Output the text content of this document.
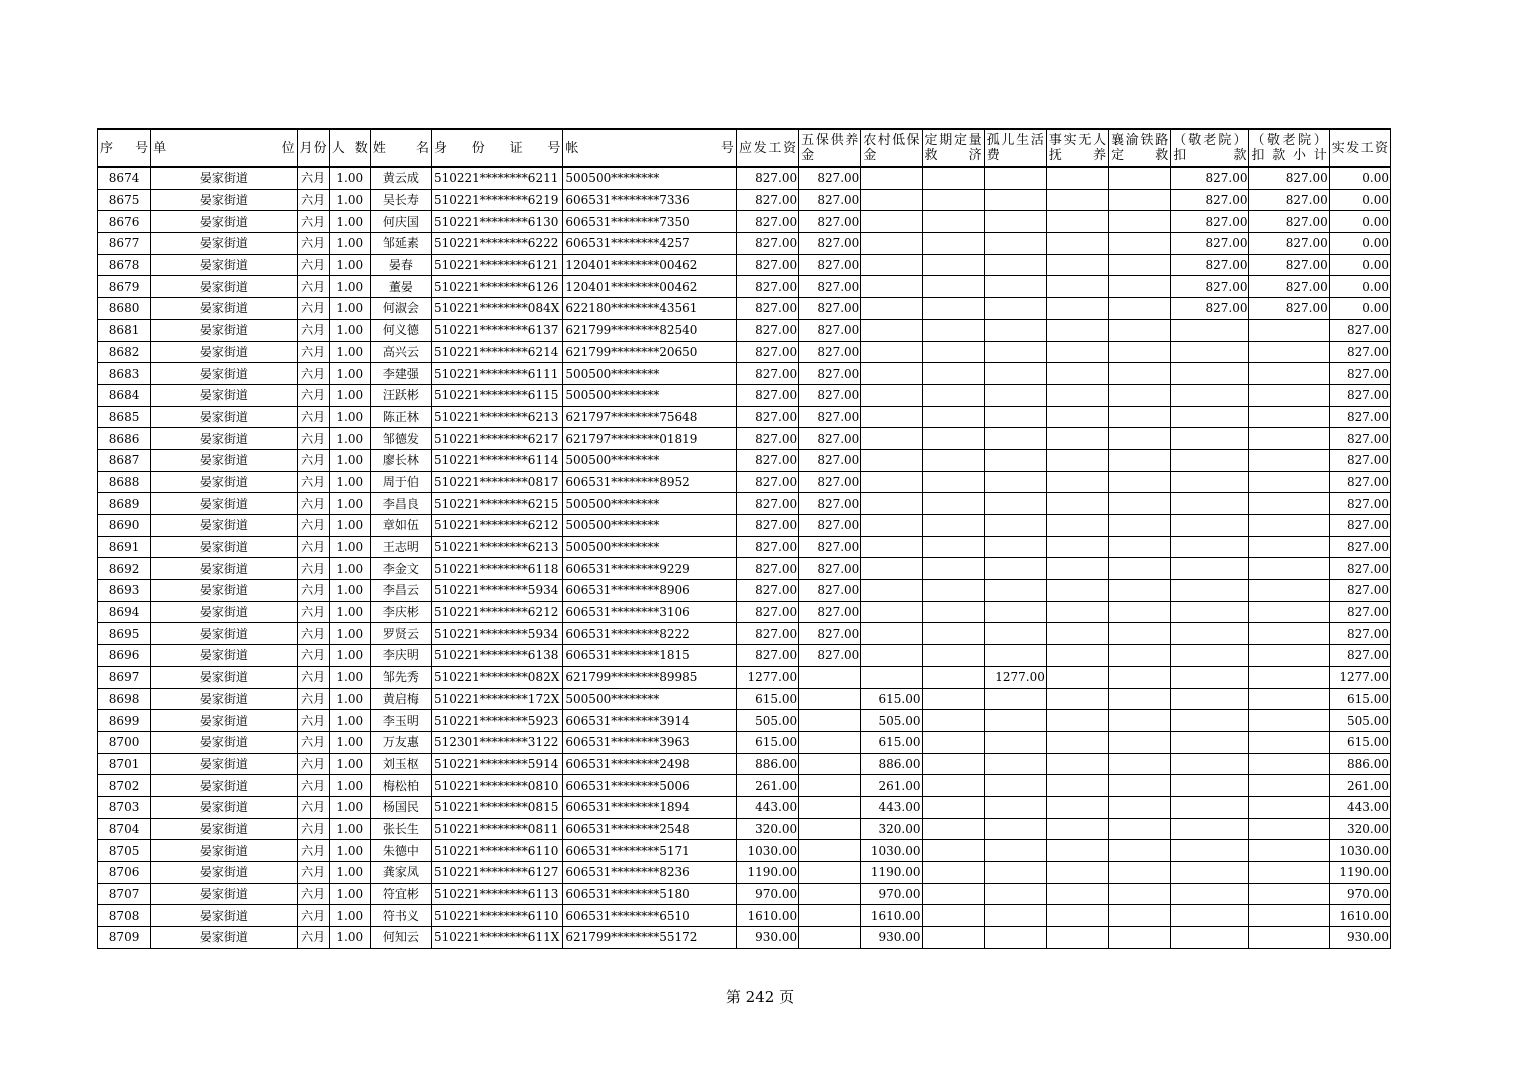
序 号	单 位	月份	人 数	姓 名	身 份 证 号	帐 号	应发工资	五保供养金	农村低保金	定期定量救济	孤儿生活费	事实无人抚养	襄渝铁路定救	（敬老院）扣 款	（敬老院）扣款小计	实发工资

8674	晏家街道	六月	1.00	黄云成	510221********6211	500500********	827.00	827.00						827.00	827.00	0.00
8675	晏家街道	六月	1.00	吴长寿	510221********6219	606531********7336	827.00	827.00						827.00	827.00	0.00
8676	晏家街道	六月	1.00	何庆国	510221********6130	606531********7350	827.00	827.00						827.00	827.00	0.00
8677	晏家街道	六月	1.00	邹延素	510221********6222	606531********4257	827.00	827.00						827.00	827.00	0.00
8678	晏家街道	六月	1.00	晏春	510221********6121	120401********00462	827.00	827.00						827.00	827.00	0.00
8679	晏家街道	六月	1.00	董晏	510221********6126	120401********00462	827.00	827.00						827.00	827.00	0.00
8680	晏家街道	六月	1.00	何淑会	510221********084X	622180********43561	827.00	827.00						827.00	827.00	0.00
8681	晏家街道	六月	1.00	何义德	510221********6137	621799********82540	827.00	827.00								827.00
8682	晏家街道	六月	1.00	高兴云	510221********6214	621799********20650	827.00	827.00								827.00
8683	晏家街道	六月	1.00	李建强	510221********6111	500500********	827.00	827.00								827.00
8684	晏家街道	六月	1.00	汪跃彬	510221********6115	500500********	827.00	827.00								827.00
8685	晏家街道	六月	1.00	陈正林	510221********6213	621797********75648	827.00	827.00								827.00
8686	晏家街道	六月	1.00	邹德发	510221********6217	621797********01819	827.00	827.00								827.00
8687	晏家街道	六月	1.00	廖长林	510221********6114	500500********	827.00	827.00								827.00
8688	晏家街道	六月	1.00	周于伯	510221********0817	606531********8952	827.00	827.00								827.00
8689	晏家街道	六月	1.00	李昌良	510221********6215	500500********	827.00	827.00								827.00
8690	晏家街道	六月	1.00	章如伍	510221********6212	500500********	827.00	827.00								827.00
8691	晏家街道	六月	1.00	王志明	510221********6213	500500********	827.00	827.00								827.00
8692	晏家街道	六月	1.00	李金文	510221********6118	606531********9229	827.00	827.00								827.00
8693	晏家街道	六月	1.00	李昌云	510221********5934	606531********8906	827.00	827.00								827.00
8694	晏家街道	六月	1.00	李庆彬	510221********6212	606531********3106	827.00	827.00								827.00
8695	晏家街道	六月	1.00	罗贤云	510221********5934	606531********8222	827.00	827.00								827.00
8696	晏家街道	六月	1.00	李庆明	510221********6138	606531********1815	827.00	827.00								827.00
8697	晏家街道	六月	1.00	邹先秀	510221********082X	621799********89985	1277.00				1277.00					1277.00
8698	晏家街道	六月	1.00	黄启梅	510221********172X	500500********	615.00		615.00							615.00
8699	晏家街道	六月	1.00	李玉明	510221********5923	606531********3914	505.00		505.00							505.00
8700	晏家街道	六月	1.00	万友惠	512301********3122	606531********3963	615.00		615.00							615.00
8701	晏家街道	六月	1.00	刘玉枢	510221********5914	606531********2498	886.00		886.00							886.00
8702	晏家街道	六月	1.00	梅松柏	510221********0810	606531********5006	261.00		261.00							261.00
8703	晏家街道	六月	1.00	杨国民	510221********0815	606531********1894	443.00		443.00							443.00
8704	晏家街道	六月	1.00	张长生	510221********0811	606531********2548	320.00		320.00							320.00
8705	晏家街道	六月	1.00	朱德中	510221********6110	606531********5171	1030.00		1030.00							1030.00
8706	晏家街道	六月	1.00	龚家凤	510221********6127	606531********8236	1190.00		1190.00							1190.00
8707	晏家街道	六月	1.00	符宜彬	510221********6113	606531********5180	970.00		970.00							970.00
8708	晏家街道	六月	1.00	符书义	510221********6110	606531********6510	1610.00		1610.00							1610.00
8709	晏家街道	六月	1.00	何知云	510221********611X	621799********55172	930.00		930.00							930.00
第 242 页
